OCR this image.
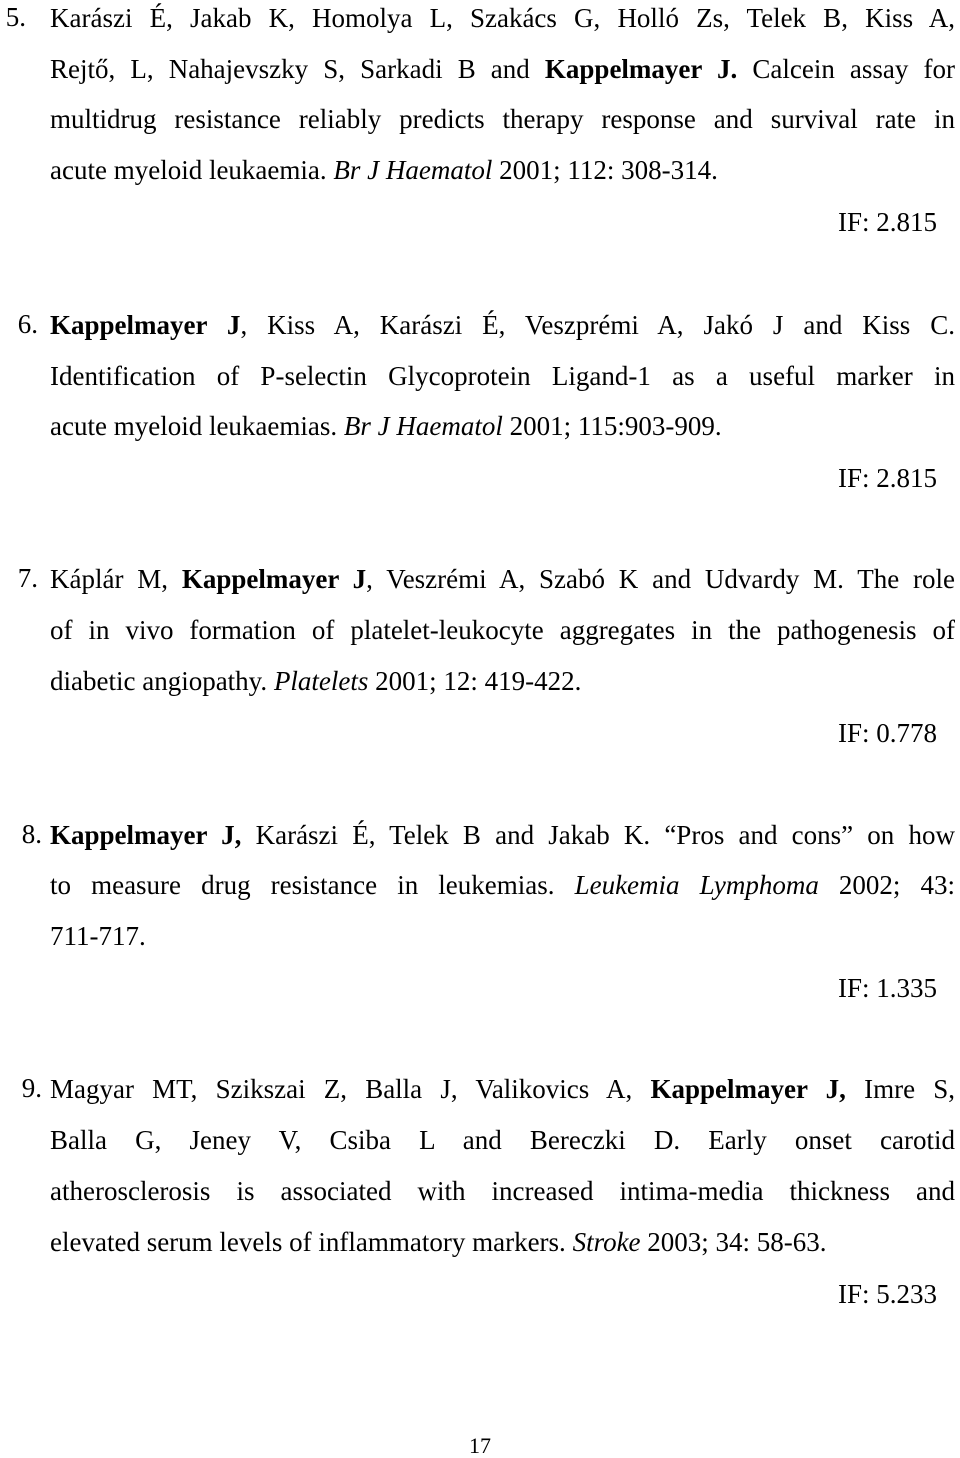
5. Karászi É, Jakab K, Homolya L, Szakács G, Holló Zs, Telek B, Kiss A,
Rejtő, L, Nahajevszky S, Sarkadi B and Kappelmayer J. Calcein assay for
multidrug resistance reliably predicts therapy response and survival rate in
acute myeloid leukaemia. Br J Haematol 2001; 112: 308-314.
IF: 2.815
6. Kappelmayer J, Kiss A, Karászi É, Veszprémi A, Jakó J and Kiss C.
Identification of P-selectin Glycoprotein Ligand-1 as a useful marker in
acute myeloid leukaemias. Br J Haematol 2001; 115:903-909.
IF: 2.815
7. Káplár M, Kappelmayer J, Veszrémi A, Szabó K and Udvardy M. The role
of in vivo formation of platelet-leukocyte aggregates in the pathogenesis of
diabetic angiopathy. Platelets 2001; 12: 419-422.
IF: 0.778
8. Kappelmayer J, Karászi É, Telek B and Jakab K. “Pros and cons” on how
to measure drug resistance in leukemias. Leukemia Lymphoma 2002; 43:
711-717.
IF: 1.335
9. Magyar MT, Szikszai Z, Balla J, Valikovics A, Kappelmayer J, Imre S,
Balla G, Jeney V, Csiba L and Bereczki D. Early onset carotid
atherosclerosis is associated with increased intima-media thickness and
elevated serum levels of inflammatory markers. Stroke 2003; 34: 58-63.
IF: 5.233
17
